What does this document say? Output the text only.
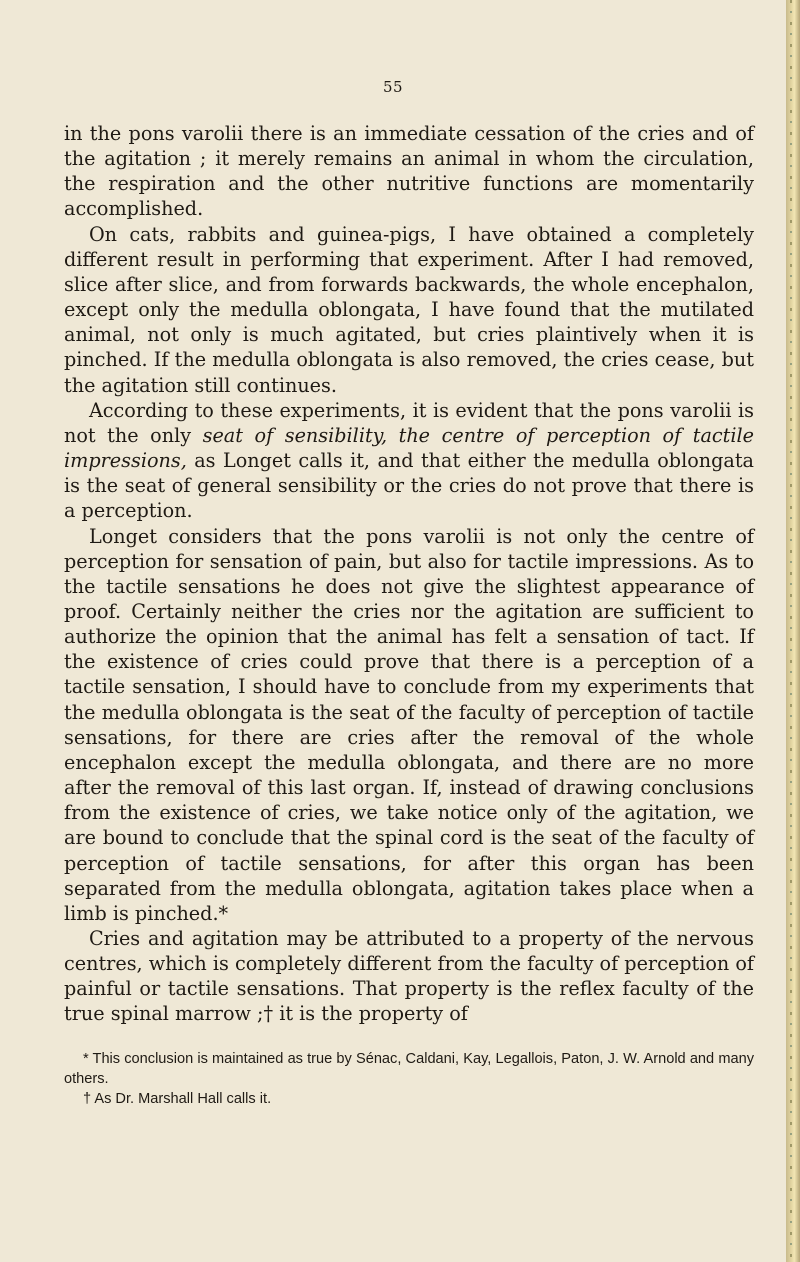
55

in the pons varolii there is an immediate cessation of the cries and of the agitation ; it merely remains an animal in whom the circulation, the respiration and the other nutritive functions are momentarily accomplished.

On cats, rabbits and guinea-pigs, I have obtained a completely different result in performing that experiment. After I had removed, slice after slice, and from forwards backwards, the whole encephalon, except only the medulla oblongata, I have found that the mutilated animal, not only is much agitated, but cries plaintively when it is pinched. If the medulla oblongata is also removed, the cries cease, but the agitation still continues.

According to these experiments, it is evident that the pons varolii is not the only seat of sensibility, the centre of perception of tactile impressions, as Longet calls it, and that either the medulla oblongata is the seat of general sensibility or the cries do not prove that there is a perception.

Longet considers that the pons varolii is not only the centre of perception for sensation of pain, but also for tactile impressions. As to the tactile sensations he does not give the slightest appearance of proof. Certainly neither the cries nor the agitation are sufficient to authorize the opinion that the animal has felt a sensation of tact. If the existence of cries could prove that there is a perception of a tactile sensation, I should have to conclude from my experiments that the medulla oblongata is the seat of the faculty of perception of tactile sensations, for there are cries after the removal of the whole encephalon except the medulla oblongata, and there are no more after the removal of this last organ. If, instead of drawing conclusions from the existence of cries, we take notice only of the agitation, we are bound to conclude that the spinal cord is the seat of the faculty of perception of tactile sensations, for after this organ has been separated from the medulla oblongata, agitation takes place when a limb is pinched.*

Cries and agitation may be attributed to a property of the nervous centres, which is completely different from the faculty of perception of painful or tactile sensations. That property is the reflex faculty of the true spinal marrow ;† it is the property of

* This conclusion is maintained as true by Sénac, Caldani, Kay, Legallois, Paton, J. W. Arnold and many others.

† As Dr. Marshall Hall calls it.
